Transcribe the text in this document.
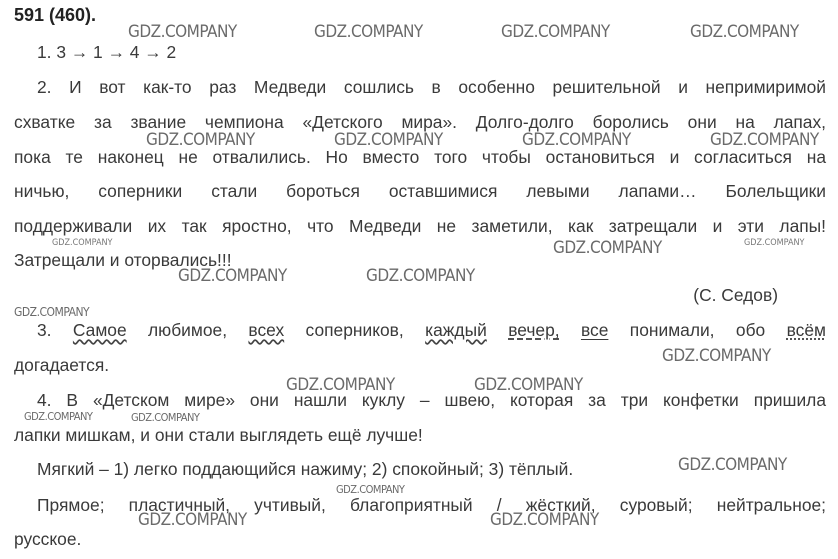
591 (460).
1. 3 → 1 → 4 → 2
2. И вот как-то раз Медведи сошлись в особенно решительной и непримиримой
схватке за звание чемпиона «Детского мира». Долго-долго боролись они на лапах,
пока те наконец не отвалились. Но вместо того чтобы остановиться и согласиться на
ничью, соперники стали бороться оставшимися левыми лапами… Болельщики
поддерживали их так яростно, что Медведи не заметили, как затрещали и эти лапы!
Затрещали и оторвались!!!
(С. Седов)
3. Самое любимое, всех соперников, каждый вечер, все понимали, обо всём
догадается.
4. В «Детском мире» они нашли куклу – швею, которая за три конфетки пришила
лапки мишкам, и они стали выглядеть ещё лучше!
Мягкий – 1) легко поддающийся нажиму; 2) спокойный; 3) тёплый.
Прямое; пластичный, учтивый, благоприятный / жёсткий, суровый; нейтральное;
русское.
GDZ.COMPANY	GDZ.COMPANY	GDZ.COMPANY	GDZ.COMPANY
GDZ.COMPANY	GDZ.COMPANY	GDZ.COMPANY	GDZ.COMPANY
GDZ.COMPANY	GDZ.COMPANY	GDZ.COMPANY
GDZ.COMPANY	GDZ.COMPANY
GDZ.COMPANY
GDZ.COMPANY
GDZ.COMPANY	GDZ.COMPANY
GDZ.COMPANY	GDZ.COMPANY
GDZ.COMPANY
GDZ.COMPANY
GDZ.COMPANY	GDZ.COMPANY
